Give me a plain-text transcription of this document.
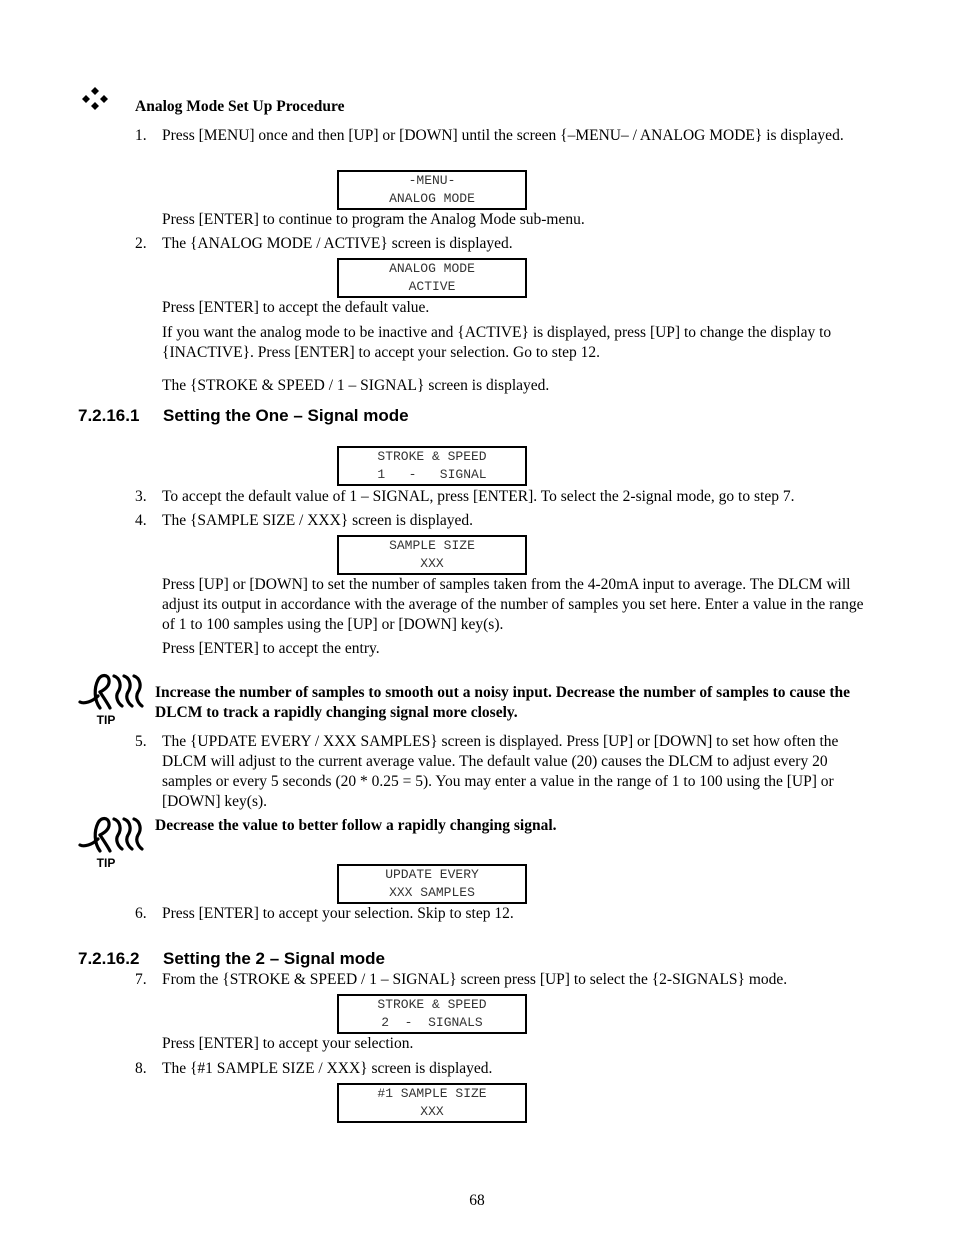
Analog Mode Set Up Procedure
1. Press [MENU] once and then [UP] or [DOWN] until the screen {–MENU– / ANALOG MODE} is displayed.
-MENU-
ANALOG MODE
Press [ENTER] to continue to program the Analog Mode sub-menu.
2. The {ANALOG MODE / ACTIVE} screen is displayed.
ANALOG MODE
ACTIVE
Press [ENTER] to accept the default value.
If you want the analog mode to be inactive and {ACTIVE} is displayed, press [UP] to change the display to {INACTIVE}. Press [ENTER] to accept your selection. Go to step 12.
The {STROKE & SPEED / 1 – SIGNAL} screen is displayed.
7.2.16.1 Setting the One – Signal mode
STROKE & SPEED
1   -   SIGNAL
3. To accept the default value of 1 – SIGNAL, press [ENTER]. To select the 2-signal mode, go to step 7.
4. The {SAMPLE SIZE / XXX} screen is displayed.
SAMPLE SIZE
XXX
Press [UP] or [DOWN] to set the number of samples taken from the 4-20mA input to average. The DLCM will adjust its output in accordance with the average of the number of samples you set here. Enter a value in the range of 1 to 100 samples using the [UP] or [DOWN] key(s).
Press [ENTER] to accept the entry.
TIP
Increase the number of samples to smooth out a noisy input. Decrease the number of samples to cause the DLCM to track a rapidly changing signal more closely.
5. The {UPDATE EVERY / XXX SAMPLES} screen is displayed. Press [UP] or [DOWN] to set how often the DLCM will adjust to the current average value. The default value (20) causes the DLCM to adjust every 20 samples or every 5 seconds (20 * 0.25 = 5). You may enter a value in the range of 1 to 100 using the [UP] or [DOWN] key(s).
TIP
Decrease the value to better follow a rapidly changing signal.
UPDATE EVERY
XXX SAMPLES
6. Press [ENTER] to accept your selection. Skip to step 12.
7.2.16.2 Setting the 2 – Signal mode
7. From the {STROKE & SPEED / 1 – SIGNAL} screen press [UP] to select the {2-SIGNALS} mode.
STROKE & SPEED
2  -  SIGNALS
Press [ENTER] to accept your selection.
8. The {#1 SAMPLE SIZE / XXX} screen is displayed.
#1 SAMPLE SIZE
XXX
68
